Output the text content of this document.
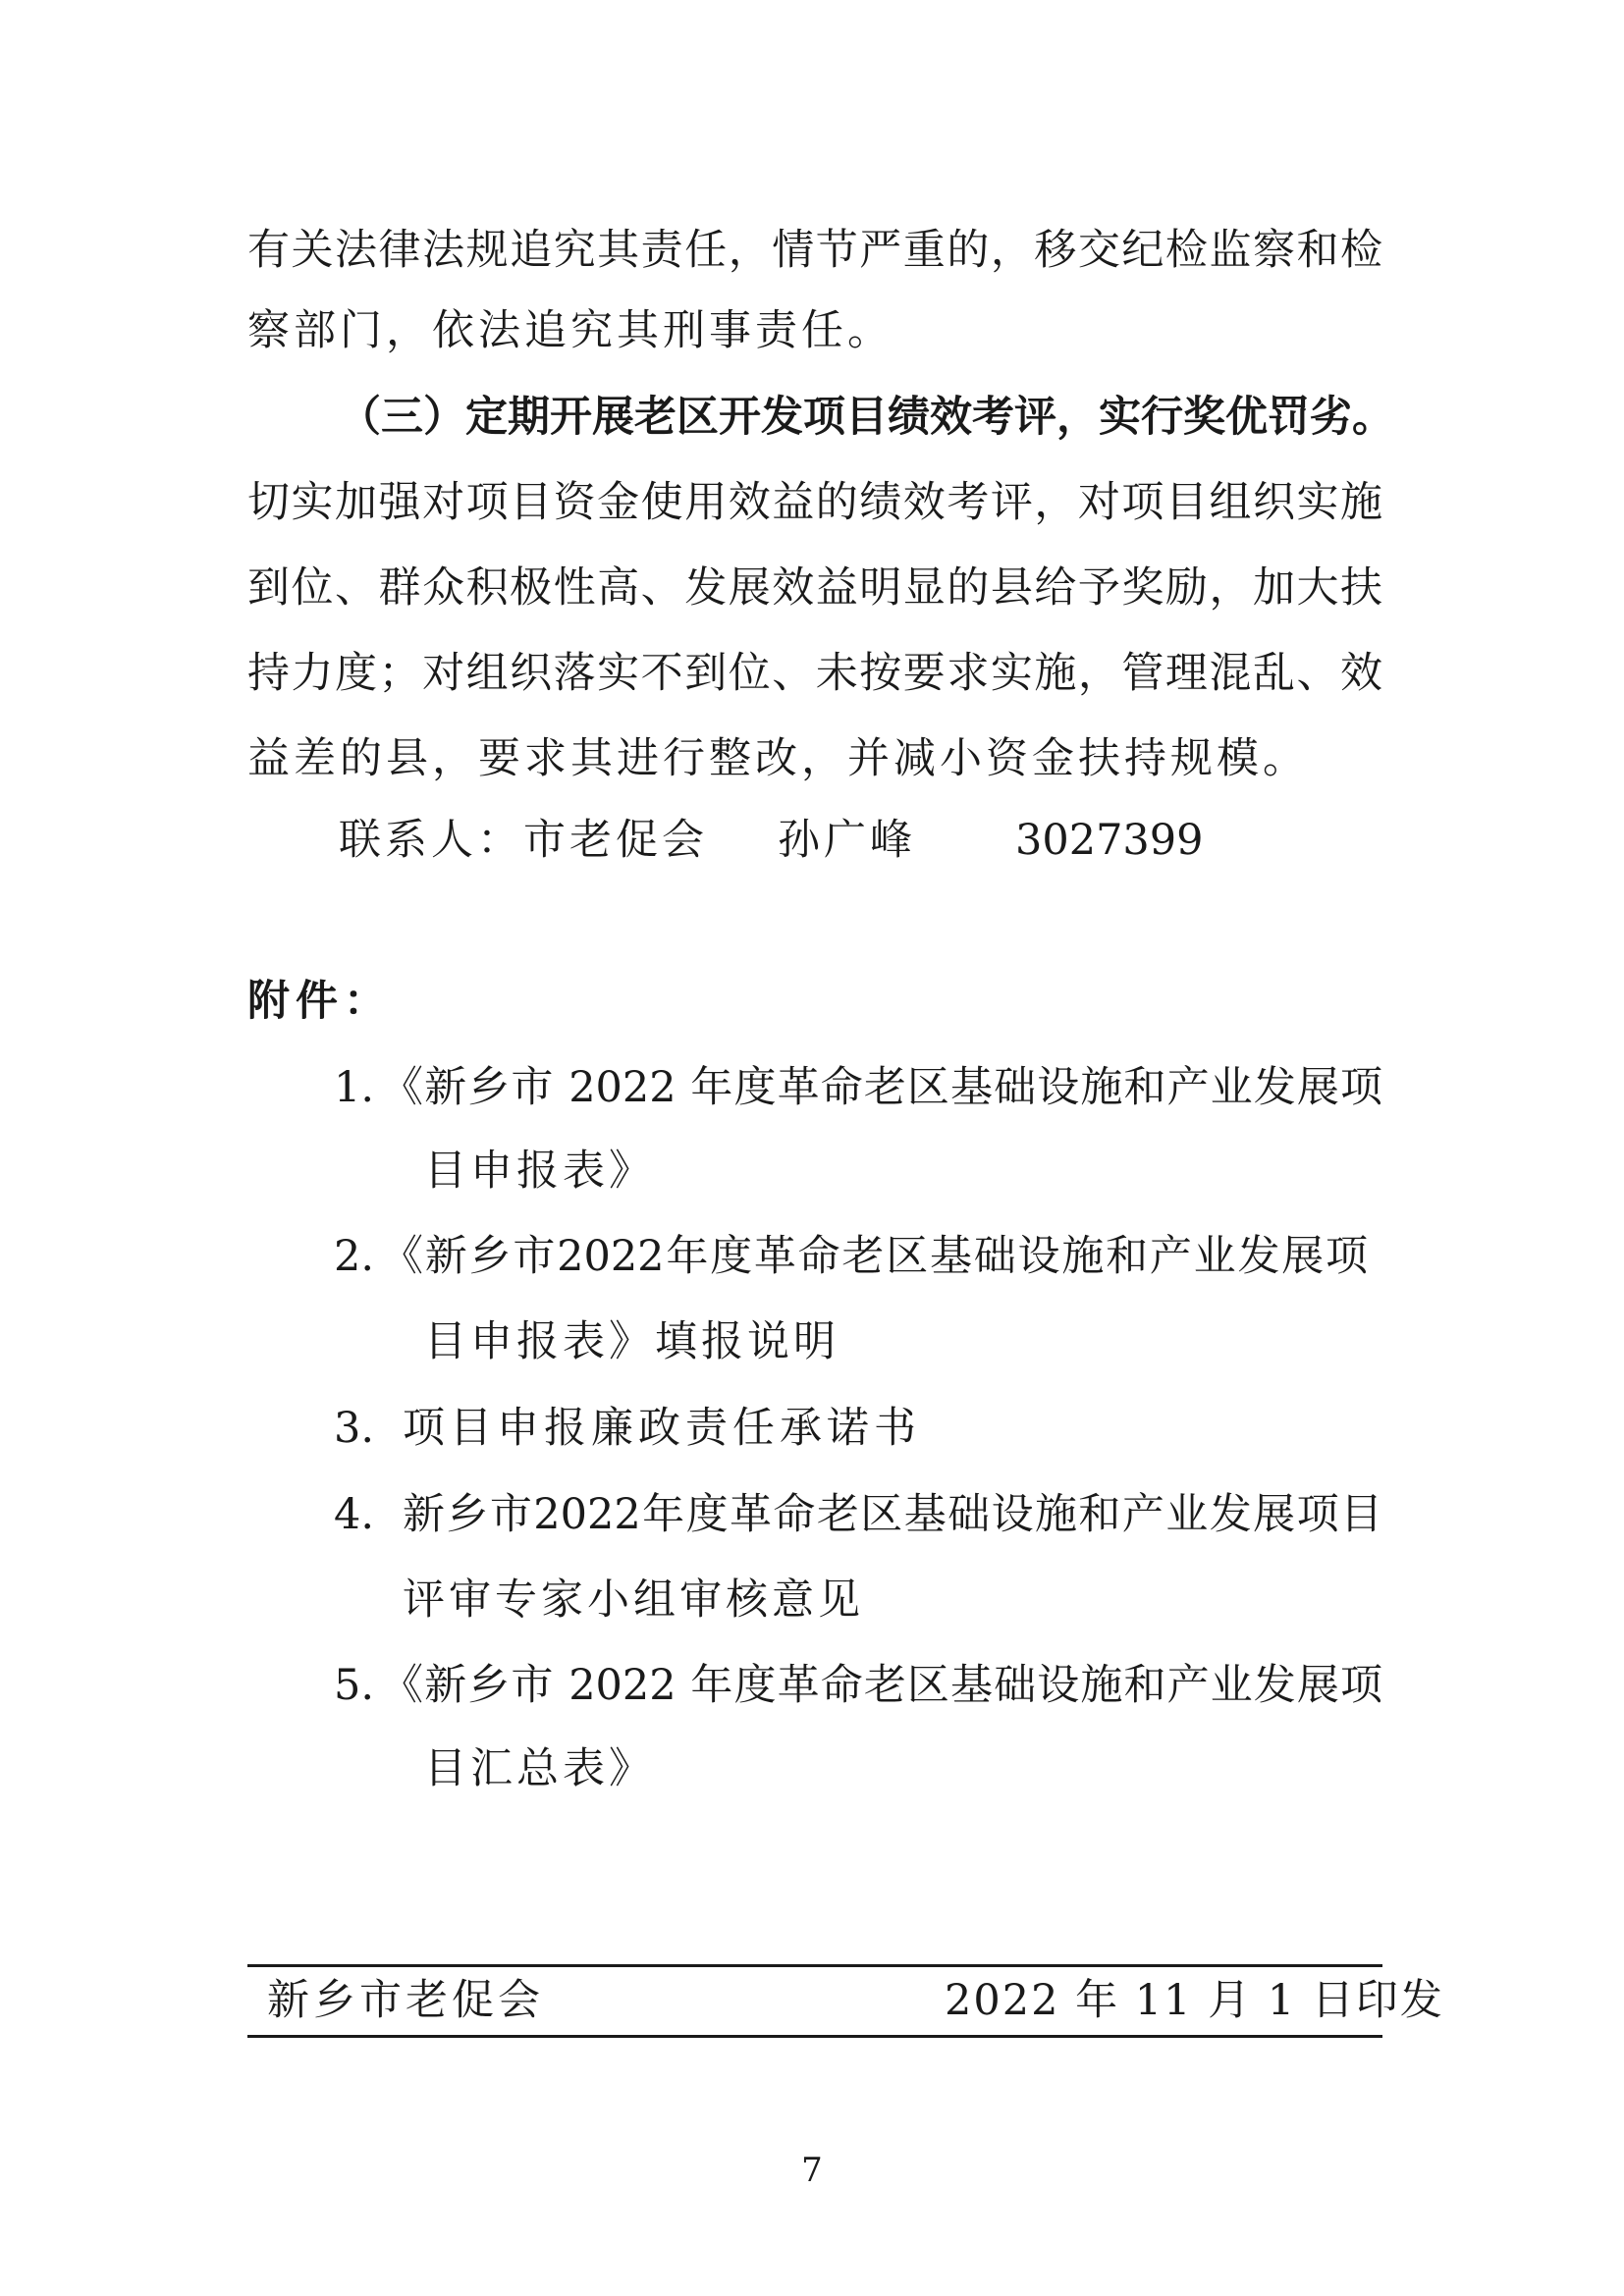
有关法律法规追究其责任，情节严重的，移交纪检监察和检
察部门，依法追究其刑事责任。
（三）定期开展老区开发项目绩效考评，实行奖优罚劣。
切实加强对项目资金使用效益的绩效考评，对项目组织实施
到位、群众积极性高、发展效益明显的县给予奖励，加大扶
持力度；对组织落实不到位、未按要求实施，管理混乱、效
益差的县，要求其进行整改，并减小资金扶持规模。
联系人：市老促会 孙广峰 3027399
附件：
1. 《新乡市 2022 年度革命老区基础设施和产业发展项
目申报表》
2. 《新乡市2022年度革命老区基础设施和产业发展项
目申报表》填报说明
3. 项目申报廉政责任承诺书
4. 新乡市2022年度革命老区基础设施和产业发展项目
评审专家小组审核意见
5. 《新乡市 2022 年度革命老区基础设施和产业发展项
目汇总表》
新乡市老促会	2022 年 11 月 1 日印发
7
